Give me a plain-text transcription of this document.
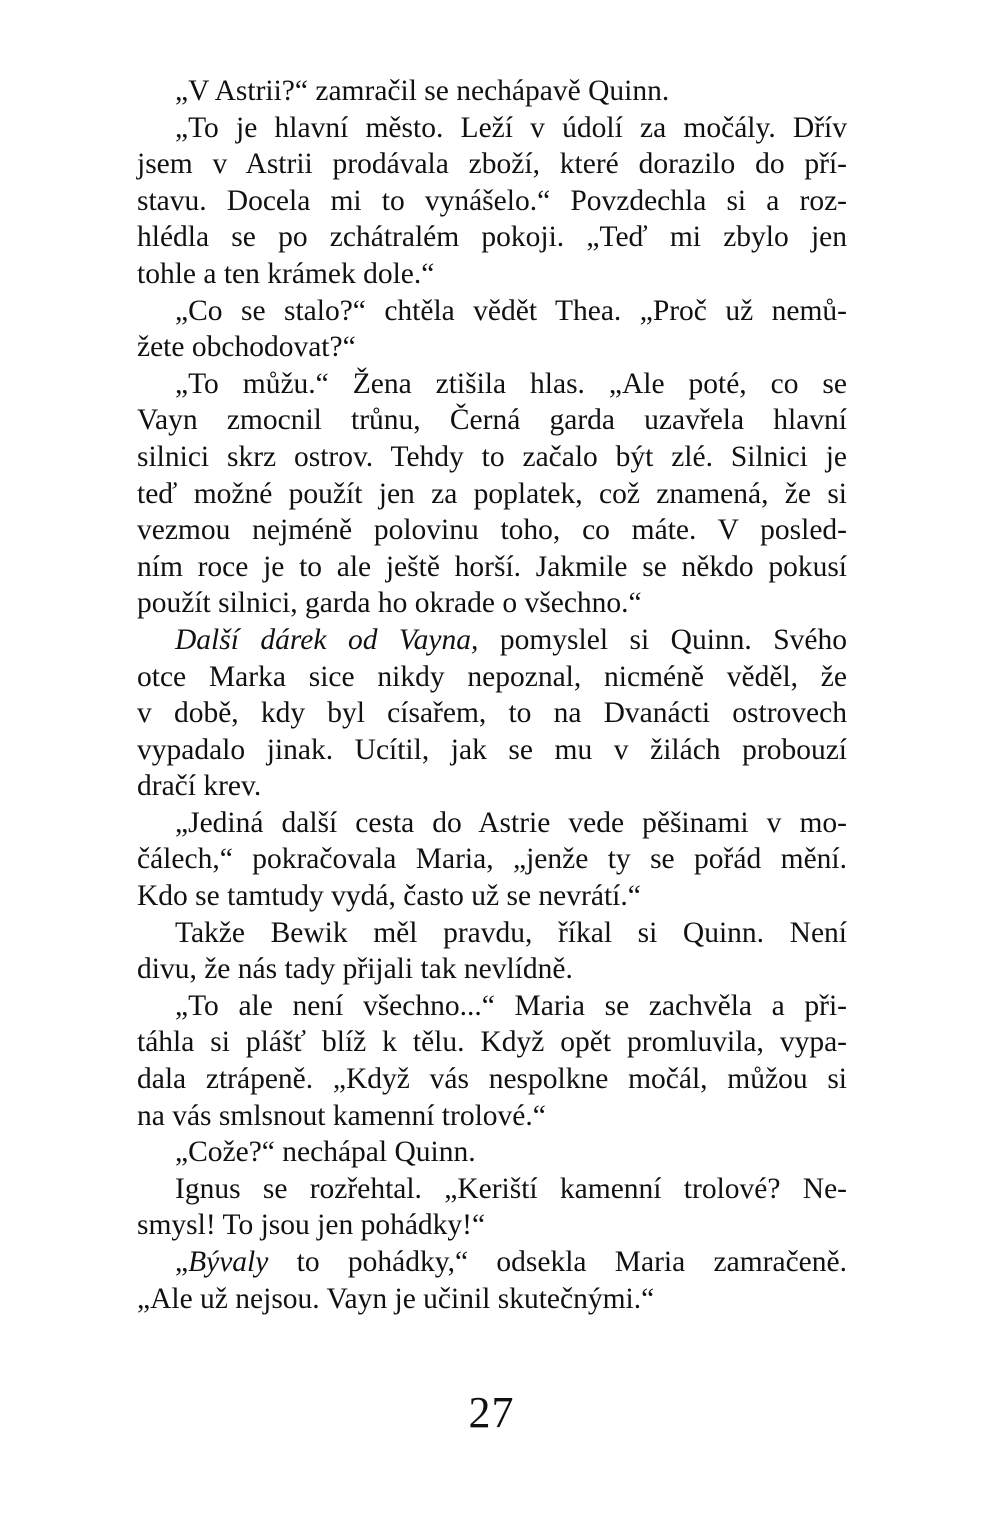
„V Astrii?“ zamračil se nechápavě Quinn.
„To je hlavní město. Leží v údolí za močály. Dřív
jsem v Astrii prodávala zboží, které dorazilo do pří-
stavu. Docela mi to vynášelo.“ Povzdechla si a roz-
hlédla se po zchátralém pokoji. „Teď mi zbylo jen
tohle a ten krámek dole.“
„Co se stalo?“ chtěla vědět Thea. „Proč už nemů-
žete obchodovat?“
„To můžu.“ Žena ztišila hlas. „Ale poté, co se
Vayn zmocnil trůnu, Černá garda uzavřela hlavní
silnici skrz ostrov. Tehdy to začalo být zlé. Silnici je
teď možné použít jen za poplatek, což znamená, že si
vezmou nejméně polovinu toho, co máte. V posled-
ním roce je to ale ještě horší. Jakmile se někdo pokusí
použít silnici, garda ho okrade o všechno.“
Další dárek od Vayna, pomyslel si Quinn. Svého
otce Marka sice nikdy nepoznal, nicméně věděl, že
v době, kdy byl císařem, to na Dvanácti ostrovech
vypadalo jinak. Ucítil, jak se mu v žilách probouzí
dračí krev.
„Jediná další cesta do Astrie vede pěšinami v mo-
čálech,“ pokračovala Maria, „jenže ty se pořád mění.
Kdo se tamtudy vydá, často už se nevrátí.“
Takže Bewik měl pravdu, říkal si Quinn. Není
divu, že nás tady přijali tak nevlídně.
„To ale není všechno...“ Maria se zachvěla a při-
táhla si plášť blíž k tělu. Když opět promluvila, vypa-
dala ztrápeně. „Když vás nespolkne močál, můžou si
na vás smlsnout kamenní trolové.“
„Cože?“ nechápal Quinn.
Ignus se rozřehtal. „Keriští kamenní trolové? Ne-
smysl! To jsou jen pohádky!“
„Bývaly to pohádky,“ odsekla Maria zamračeně.
„Ale už nejsou. Vayn je učinil skutečnými.“
27
